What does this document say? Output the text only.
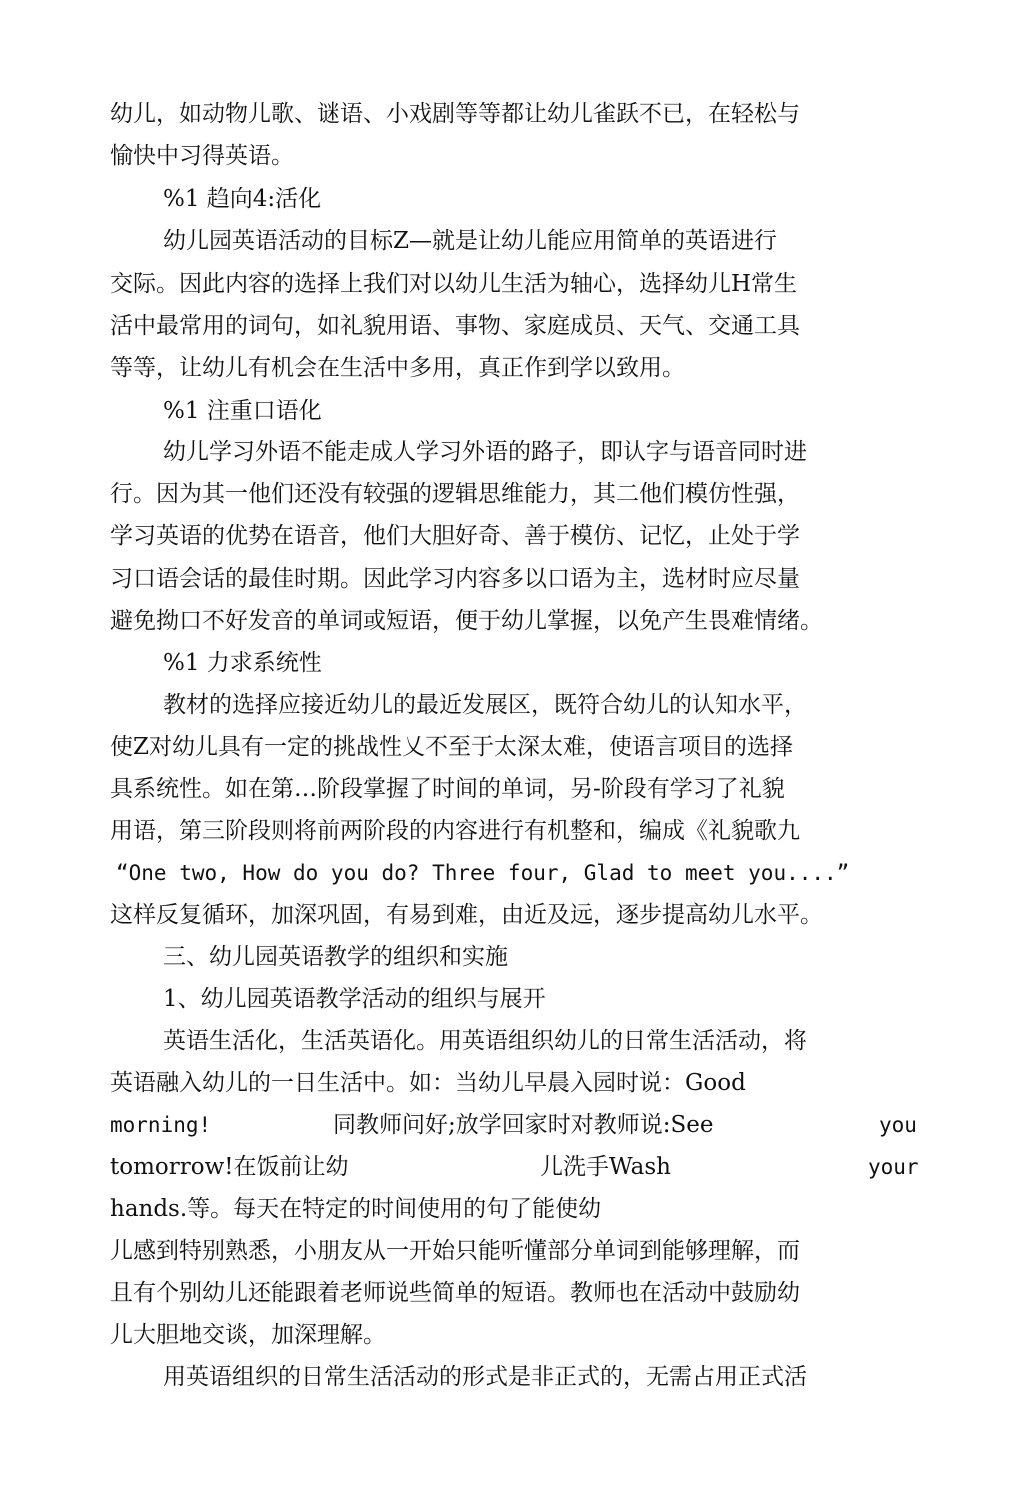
幼儿，如动物儿歌、谜语、小戏剧等等都让幼儿雀跃不已，在轻松与
愉快中习得英语。
%1 趋向4:活化
幼儿园英语活动的目标Z—就是让幼儿能应用简单的英语进行
交际。因此内容的选择上我们对以幼儿生活为轴心，选择幼儿H常生
活中最常用的词句，如礼貌用语、事物、家庭成员、天气、交通工具
等等，让幼儿有机会在生活中多用，真正作到学以致用。
%1 注重口语化
幼儿学习外语不能走成人学习外语的路子，即认字与语音同时进
行。因为其一他们还没有较强的逻辑思维能力，其二他们模仿性强，
学习英语的优势在语音，他们大胆好奇、善于模仿、记忆，止处于学
习口语会话的最佳时期。因此学习内容多以口语为主，选材时应尽量
避免拗口不好发音的单词或短语，便于幼儿掌握，以免产生畏难情绪。
%1 力求系统性
教材的选择应接近幼儿的最近发展区，既符合幼儿的认知水平，
使Z对幼儿具有一定的挑战性乂不至于太深太难，使语言项目的选择
具系统性。如在第…阶段掌握了时间的单词，另-阶段有学习了礼貌
用语，第三阶段则将前两阶段的内容进行有机整和，编成《礼貌歌九
“One two, How do you do? Three four, Glad to meet you....”
这样反复循环，加深巩固，有易到难，由近及远，逐步提高幼儿水平。
三、幼儿园英语教学的组织和实施
1、幼儿园英语教学活动的组织与展开
英语生活化，生活英语化。用英语组织幼儿的日常生活活动，将
英语融入幼儿的一日生活中。如：当幼儿早晨入园时说：Good
morning!	同教师问好;放学回家时对教师说:See	you
tomorrow!在饭前让幼	儿洗手Wash	your
hands.等。每天在特定的时间使用的句了能使幼
儿感到特别熟悉，小朋友从一开始只能听懂部分单词到能够理解，而
且有个别幼儿还能跟着老师说些简单的短语。教师也在活动中鼓励幼
儿大胆地交谈，加深理解。
用英语组织的日常生活活动的形式是非正式的，无需占用正式活
